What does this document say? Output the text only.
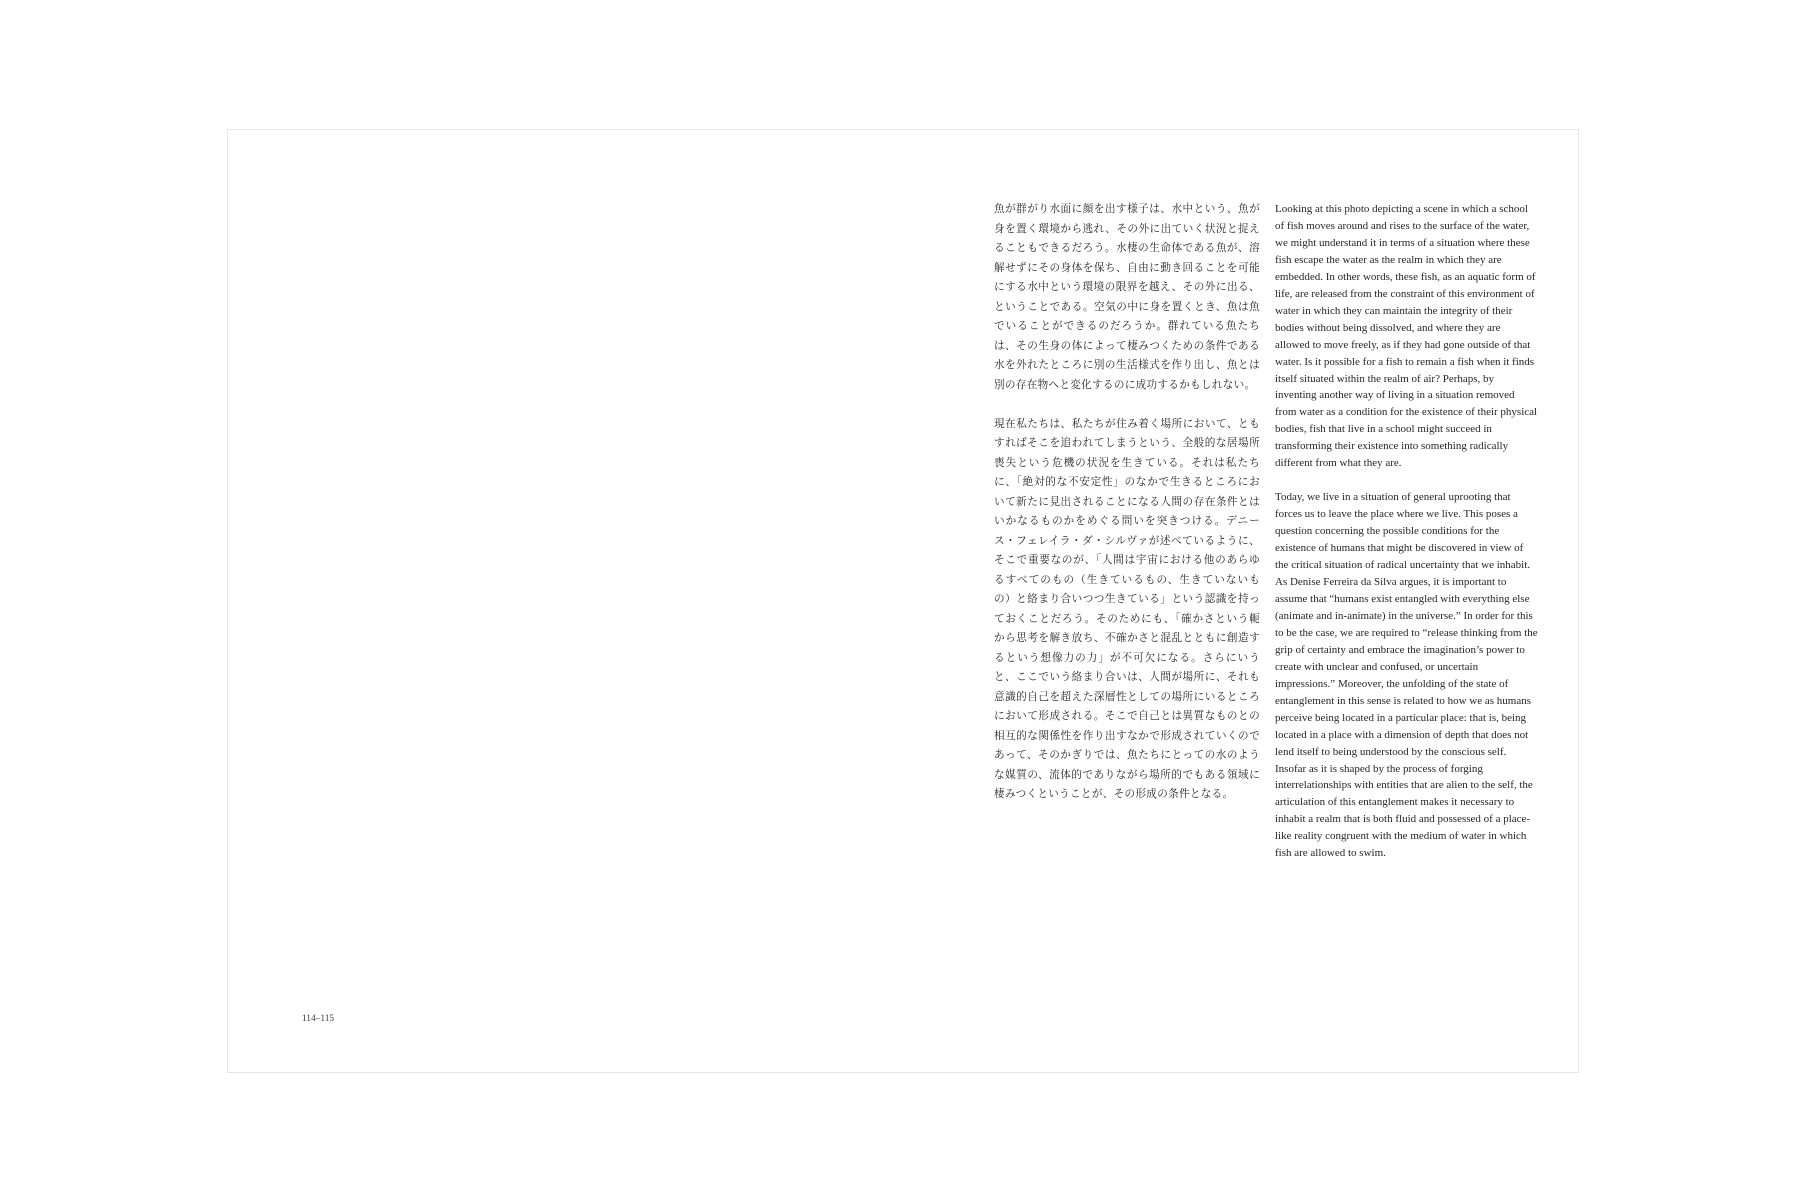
魚が群がり水面に顔を出す様子は、水中という、魚が身を置く環境から逃れ、その外に出ていく状況と捉えることもできるだろう。水棲の生命体である魚が、溶解せずにその身体を保ち、自由に動き回ることを可能にする水中という環境の限界を越え、その外に出る、ということである。空気の中に身を置くとき、魚は魚でいることができるのだろうか。群れている魚たちは、その生身の体によって棲みつくための条件である水を外れたところに別の生活様式を作り出し、魚とは別の存在物へと変化するのに成功するかもしれない。

現在私たちは、私たちが住み着く場所において、ともすればそこを追われてしまうという、全般的な居場所喪失という危機の状況を生きている。それは私たちに、「絶対的な不安定性」のなかで生きるところにおいて新たに見出されることになる人間の存在条件とはいかなるものかをめぐる問いを突きつける。デニース・フェレイラ・ダ・シルヴァが述べているように、そこで重要なのが、「人間は宇宙における他のあらゆるすべてのもの（生きているもの、生きていないもの）と絡まり合いつつ生きている」という認識を持っておくことだろう。そのためにも、「確かさという軛から思考を解き放ち、不確かさと混乱とともに創造するという想像力の力」が不可欠になる。さらにいうと、ここでいう絡まり合いは、人間が場所に、それも意識的自己を超えた深層性としての場所にいるところにおいて形成される。そこで自己とは異質なものとの相互的な関係性を作り出すなかで形成されていくのであって、そのかぎりでは、魚たちにとっての水のような媒質の、流体的でありながら場所的でもある領域に棲みつくということが、その形成の条件となる。

Looking at this photo depicting a scene in which a school of fish moves around and rises to the surface of the water, we might understand it in terms of a situation where these fish escape the water as the realm in which they are embedded. In other words, these fish, as an aquatic form of life, are released from the constraint of this environment of water in which they can maintain the integrity of their bodies without being dissolved, and where they are allowed to move freely, as if they had gone outside of that water. Is it possible for a fish to remain a fish when it finds itself situated within the realm of air? Perhaps, by inventing another way of living in a situation removed from water as a condition for the existence of their physical bodies, fish that live in a school might succeed in transforming their existence into something radically different from what they are.

Today, we live in a situation of general uprooting that forces us to leave the place where we live. This poses a question concerning the possible conditions for the existence of humans that might be discovered in view of the critical situation of radical uncertainty that we inhabit. As Denise Ferreira da Silva argues, it is important to assume that “humans exist entangled with everything else (animate and in-animate) in the universe.” In order for this to be the case, we are required to “release thinking from the grip of certainty and embrace the imagination’s power to create with unclear and confused, or uncertain impressions.” Moreover, the unfolding of the state of entanglement in this sense is related to how we as humans perceive being located in a particular place: that is, being located in a place with a dimension of depth that does not lend itself to being understood by the conscious self. Insofar as it is shaped by the process of forging interrelationships with entities that are alien to the self, the articulation of this entanglement makes it necessary to inhabit a realm that is both fluid and possessed of a place-like reality congruent with the medium of water in which fish are allowed to swim.

114–115
